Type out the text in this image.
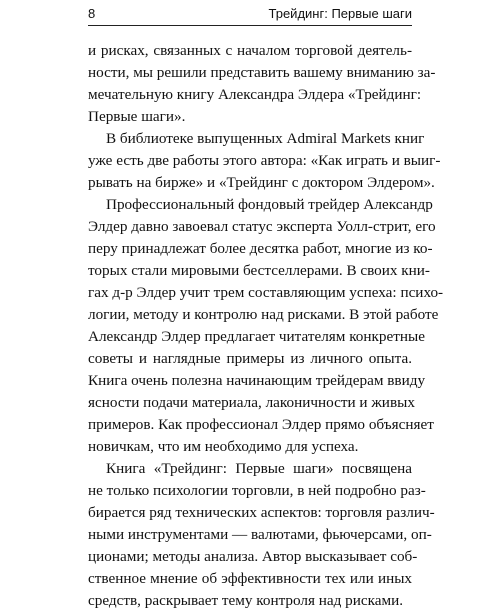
8	Трейдинг: Первые шаги
и рисках, связанных с началом торговой деятель-
ности, мы решили представить вашему вниманию за-
мечательную книгу Александра Элдера «Трейдинг:
Первые шаги».
В библиотеке выпущенных Admiral Markets книг
уже есть две работы этого автора: «Как играть и выиг-
рывать на бирже» и «Трейдинг с доктором Элдером».
Профессиональный фондовый трейдер Александр
Элдер давно завоевал статус эксперта Уолл-стрит, его
перу принадлежат более десятка работ, многие из ко-
торых стали мировыми бестселлерами. В своих кни-
гах д-р Элдер учит трем составляющим успеха: психо-
логии, методу и контролю над рисками. В этой работе
Александр Элдер предлагает читателям конкретные
советы и наглядные примеры из личного опыта.
Книга очень полезна начинающим трейдерам ввиду
ясности подачи материала, лаконичности и живых
примеров. Как профессионал Элдер прямо объясняет
новичкам, что им необходимо для успеха.
Книга «Трейдинг: Первые шаги» посвящена
не только психологии торговли, в ней подробно раз-
бирается ряд технических аспектов: торговля различ-
ными инструментами — валютами, фьючерсами, оп-
ционами; методы анализа. Автор высказывает соб-
ственное мнение об эффективности тех или иных
средств, раскрывает тему контроля над рисками.
